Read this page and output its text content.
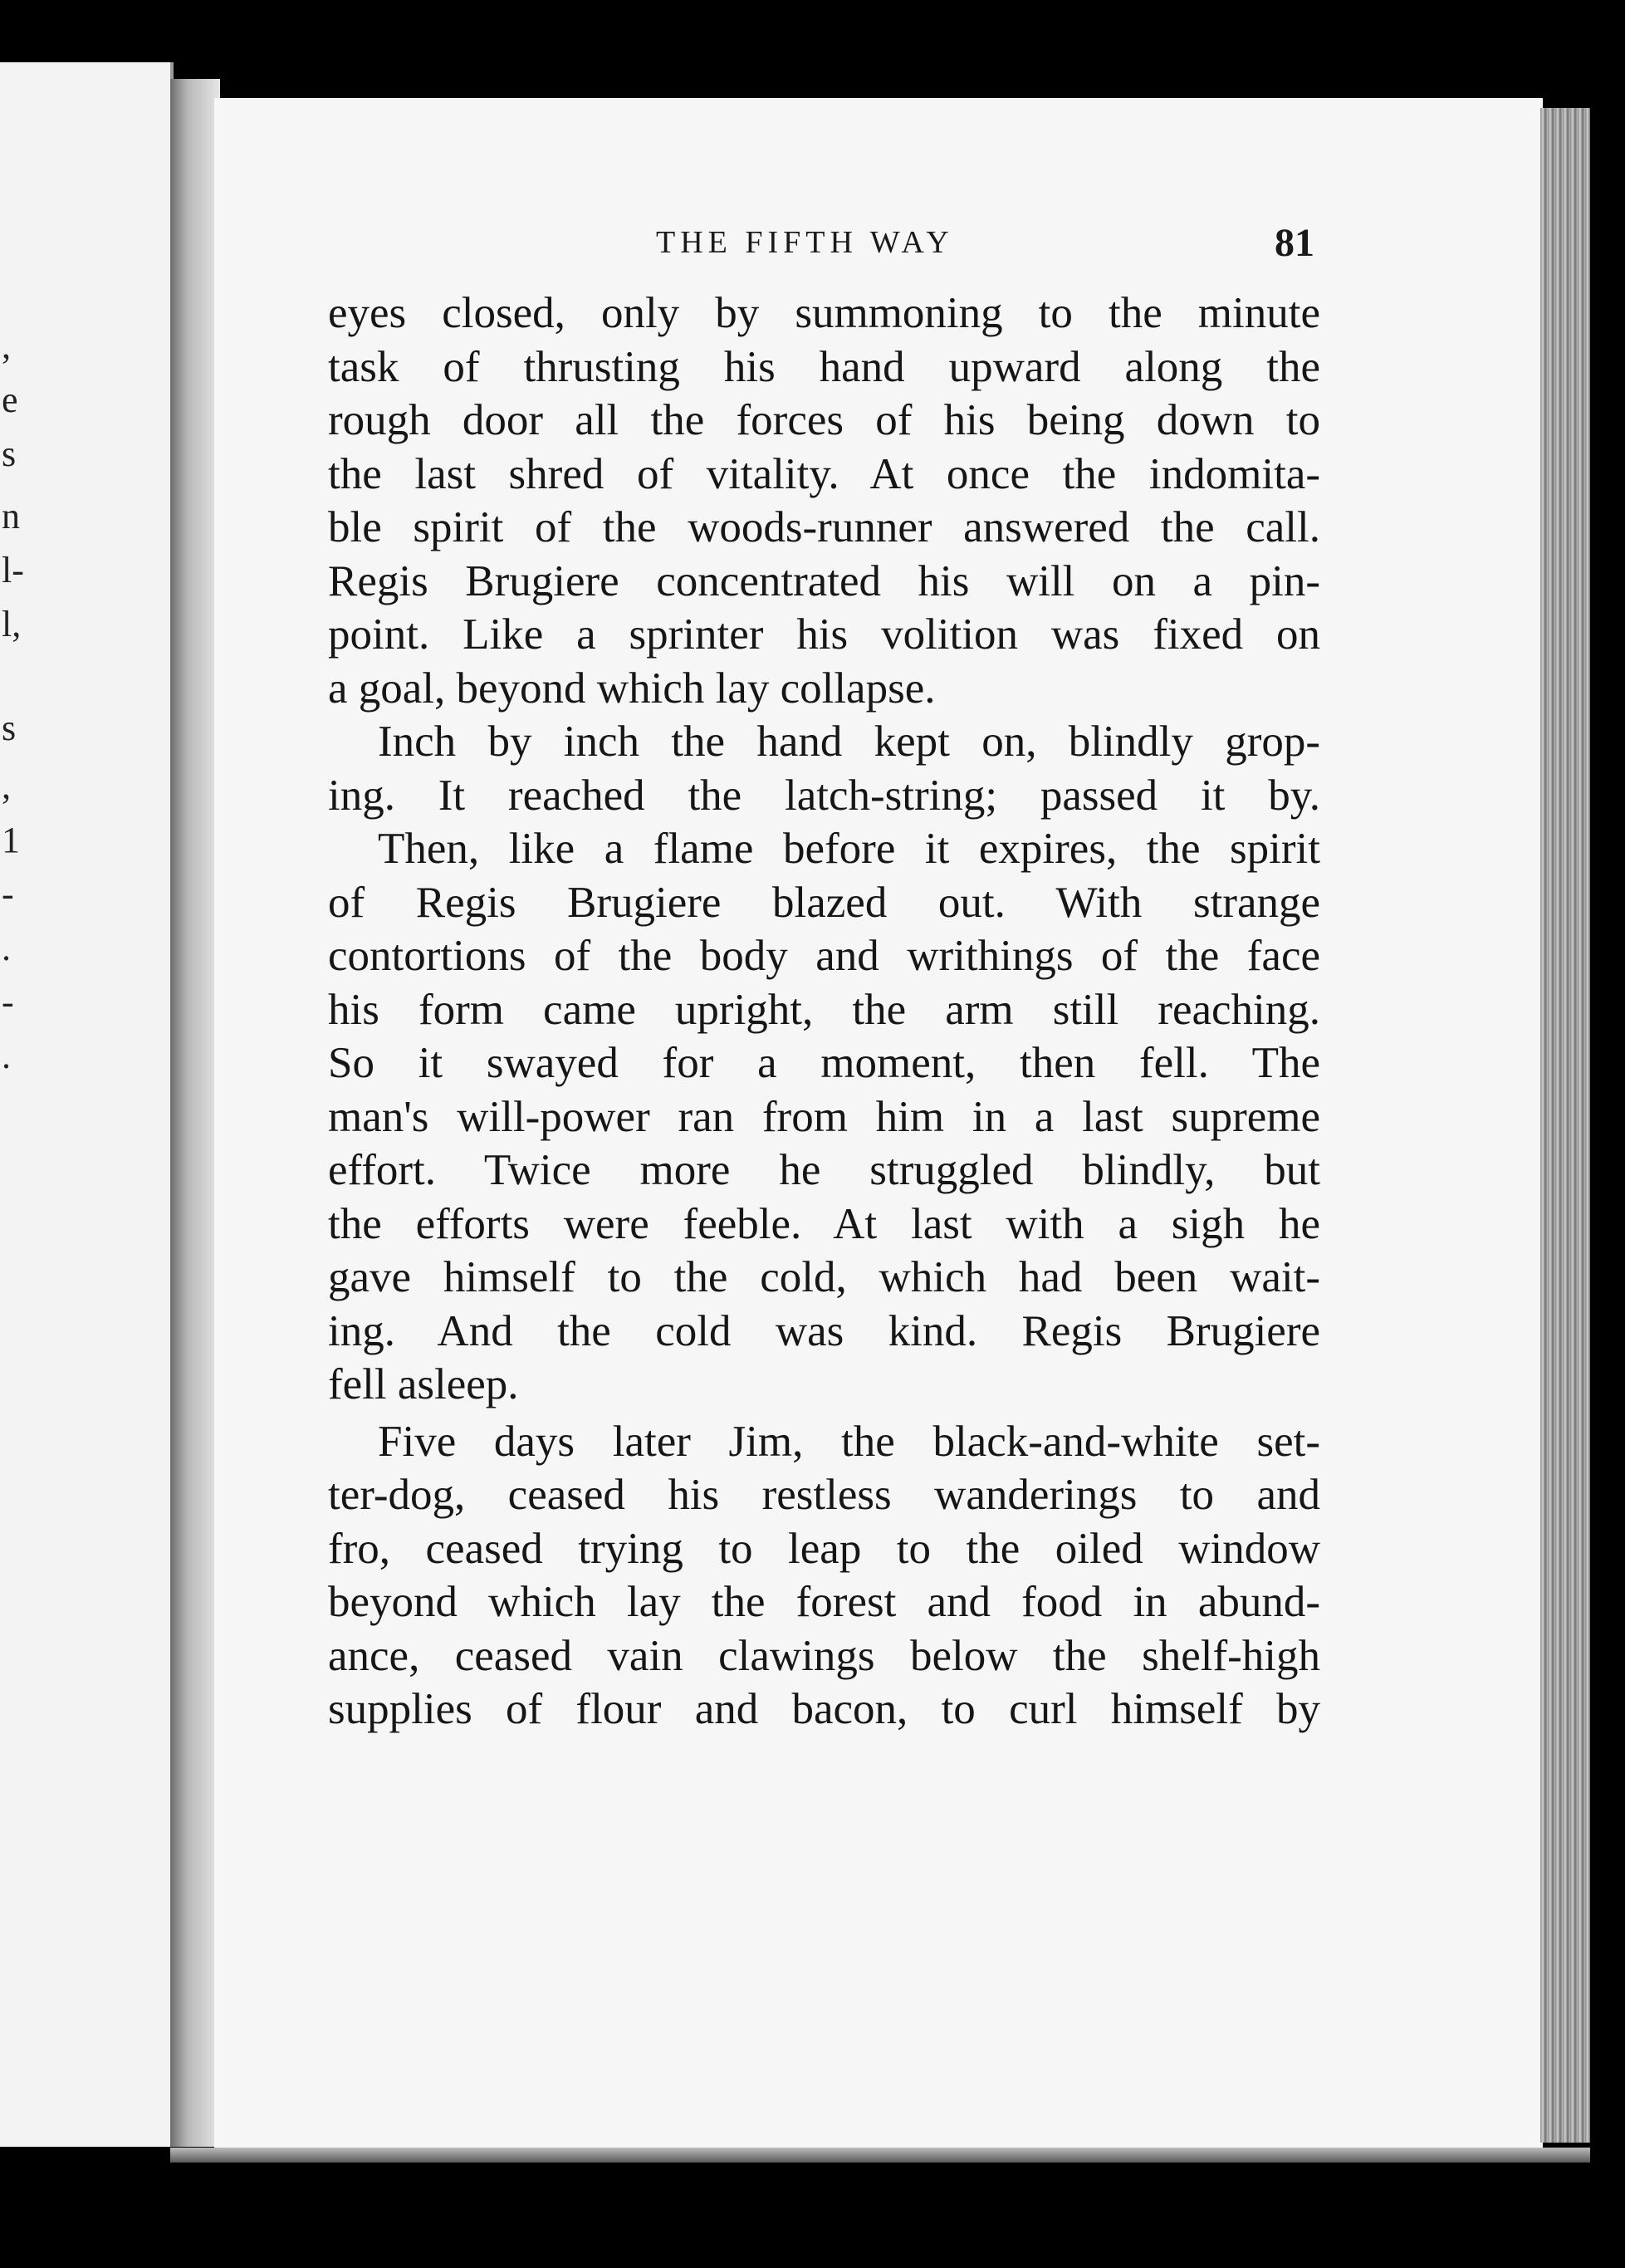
,
e
s
n
l-
l,
s
,
1
-
.
-
.
THE FIFTH WAY	81
eyes closed, only by summoning to the minute
task of thrusting his hand upward along the
rough door all the forces of his being down to
the last shred of vitality. At once the indomita-
ble spirit of the woods-runner answered the call.
Regis Brugiere concentrated his will on a pin-
point. Like a sprinter his volition was fixed on
a goal, beyond which lay collapse.
Inch by inch the hand kept on, blindly grop-
ing. It reached the latch-string; passed it by.
Then, like a flame before it expires, the spirit
of Regis Brugiere blazed out. With strange
contortions of the body and writhings of the face
his form came upright, the arm still reaching.
So it swayed for a moment, then fell. The
man's will-power ran from him in a last supreme
effort. Twice more he struggled blindly, but
the efforts were feeble. At last with a sigh he
gave himself to the cold, which had been wait-
ing. And the cold was kind. Regis Brugiere
fell asleep.
Five days later Jim, the black-and-white set-
ter-dog, ceased his restless wanderings to and
fro, ceased trying to leap to the oiled window
beyond which lay the forest and food in abund-
ance, ceased vain clawings below the shelf-high
supplies of flour and bacon, to curl himself by
